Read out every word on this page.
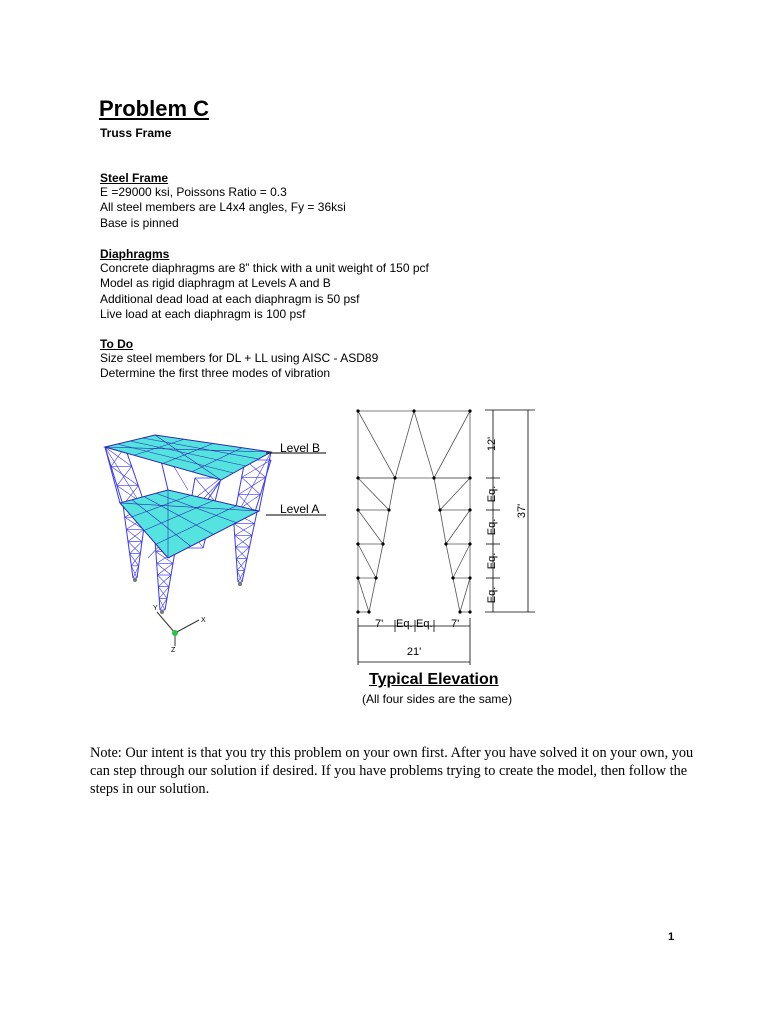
Problem C
Truss Frame
Steel Frame
E =29000 ksi, Poissons Ratio = 0.3
All steel members are L4x4 angles, Fy = 36ksi
Base is pinned
Diaphragms
Concrete diaphragms are 8” thick with a unit weight of 150 pcf
Model as rigid diaphragm at Levels A and B
Additional dead load at each diaphragm is 50 psf
Live load at each diaphragm is 100 psf
To Do
Size steel members for DL + LL using AISC - ASD89
Determine the first three modes of vibration
Y
X
Z
Level B
Level A
12'
Eq.
Eq.
Eq.
Eq.
37'
7' Eq. Eq. 7'
21'
Typical Elevation
(All four sides are the same)
Note: Our intent is that you try this problem on your own first. After you have solved it on your own, you can step through our solution if desired. If you have problems trying to create the model, then follow the steps in our solution.
1
